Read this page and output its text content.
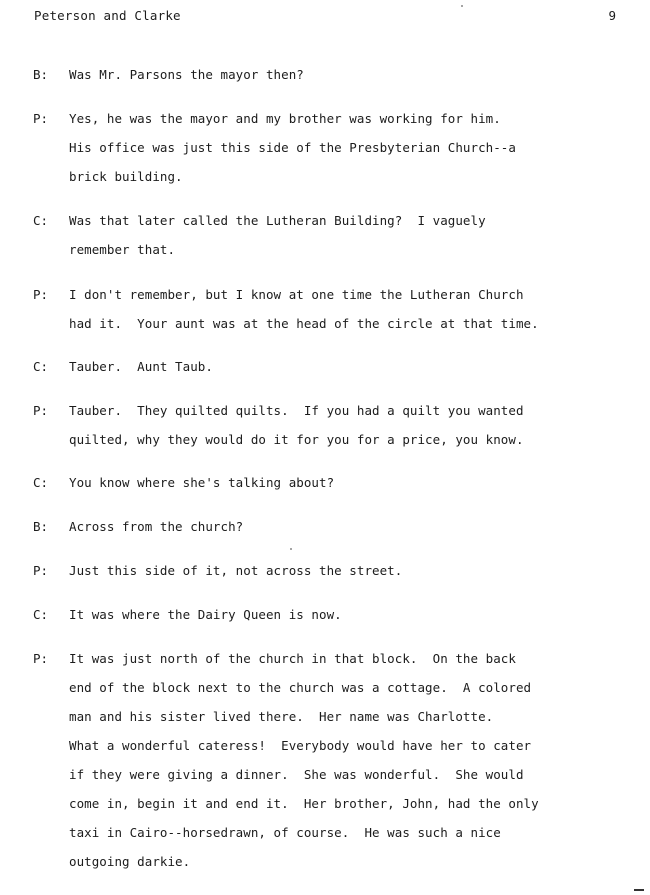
Peterson and Clarke	9
B: Was Mr. Parsons the mayor then?
P: Yes, he was the mayor and my brother was working for him.
His office was just this side of the Presbyterian Church--a
brick building.
C: Was that later called the Lutheran Building?  I vaguely
remember that.
P: I don't remember, but I know at one time the Lutheran Church
had it.  Your aunt was at the head of the circle at that time.
C: Tauber.  Aunt Taub.
P: Tauber.  They quilted quilts.  If you had a quilt you wanted
quilted, why they would do it for you for a price, you know.
C: You know where she's talking about?
B: Across from the church?
P: Just this side of it, not across the street.
C: It was where the Dairy Queen is now.
P: It was just north of the church in that block.  On the back
end of the block next to the church was a cottage.  A colored
man and his sister lived there.  Her name was Charlotte.
What a wonderful cateress!  Everybody would have her to cater
if they were giving a dinner.  She was wonderful.  She would
come in, begin it and end it.  Her brother, John, had the only
taxi in Cairo--horsedrawn, of course.  He was such a nice
outgoing darkie.
